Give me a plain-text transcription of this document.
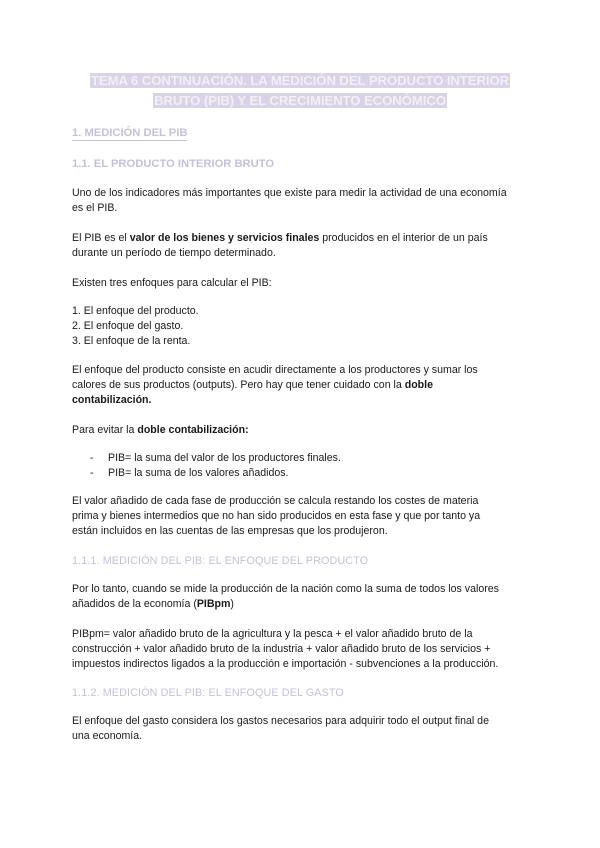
TEMA 6 CONTINUACIÓN. LA MEDICIÓN DEL PRODUCTO INTERIOR
BRUTO (PIB) Y EL CRECIMIENTO ECONÓMICO
1. MEDICIÓN DEL PIB
1.1. EL PRODUCTO INTERIOR BRUTO
Uno de los indicadores más importantes que existe para medir la actividad de una economía
es el PIB.
El PIB es el valor de los bienes y servicios finales producidos en el interior de un país
durante un período de tiempo determinado.
Existen tres enfoques para calcular el PIB:
1. El enfoque del producto.
2. El enfoque del gasto.
3. El enfoque de la renta.
El enfoque del producto consiste en acudir directamente a los productores y sumar los
calores de sus productos (outputs). Pero hay que tener cuidado con la doble
contabilización.
Para evitar la doble contabilización:
- PIB= la suma del valor de los productores finales.
- PIB= la suma de los valores añadidos.
El valor añadido de cada fase de producción se calcula restando los costes de materia
prima y bienes intermedios que no han sido producidos en esta fase y que por tanto ya
están incluidos en las cuentas de las empresas que los produjeron.
1.1.1. MEDICIÓN DEL PIB: EL ENFOQUE DEL PRODUCTO
Por lo tanto, cuando se mide la producción de la nación como la suma de todos los valores
añadidos de la economía (PIBpm)
PIBpm= valor añadido bruto de la agricultura y la pesca + el valor añadido bruto de la
construcción + valor añadido bruto de la industria + valor añadido bruto de los servicios +
impuestos indirectos ligados a la producción e importación - subvenciones a la producción.
1.1.2. MEDICIÓN DEL PIB: EL ENFOQUE DEL GASTO
El enfoque del gasto considera los gastos necesarios para adquirir todo el output final de
una economía.
